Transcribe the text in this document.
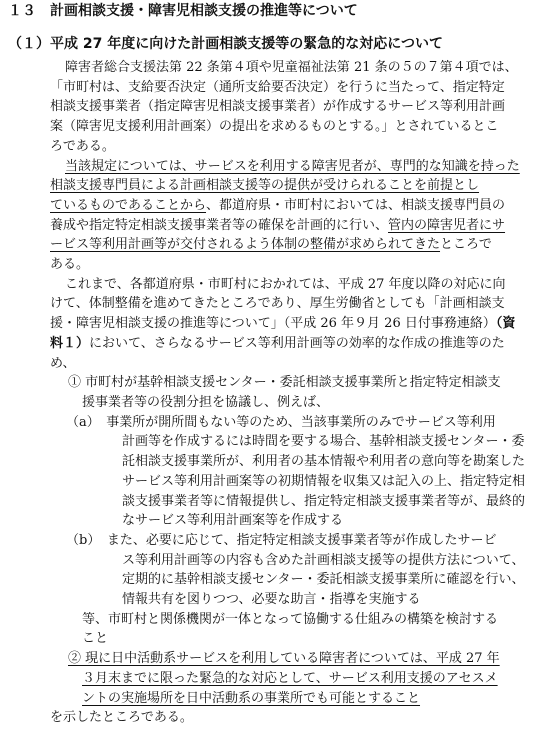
１３　計画相談支援・障害児相談支援の推進等について
（１）平成 27 年度に向けた計画相談支援等の緊急的な対応について
障害者総合支援法第 22 条第４項や児童福祉法第 21 条の５の７第４項では、
「市町村は、支給要否決定（通所支給要否決定）を行うに当たって、指定特定
相談支援事業者（指定障害児相談支援事業者）が作成するサービス等利用計画
案（障害児支援利用計画案）の提出を求めるものとする。」とされているとこ
ろである。
当該規定については、サービスを利用する障害児者が、専門的な知識を持った
相談支援専門員による計画相談支援等の提供が受けられることを前提とし
ているものであることから、都道府県・市町村においては、相談支援専門員の
養成や指定特定相談支援事業者等の確保を計画的に行い、管内の障害児者にサ
ービス等利用計画等が交付されるよう体制の整備が求められてきたところで
ある。
これまで、各都道府県・市町村におかれては、平成 27 年度以降の対応に向
けて、体制整備を進めてきたところであり、厚生労働省としても「計画相談支
援・障害児相談支援の推進等について」（平成 26 年９月 26 日付事務連絡）（資
料１）において、さらなるサービス等利用計画等の効率的な作成の推進等のた
め、
① 市町村が基幹相談支援センター・委託相談支援事業所と指定特定相談支
援事業者等の役割分担を協議し、例えば、
（a）　事業所が開所間もない等のため、当該事業所のみでサービス等利用
計画等を作成するには時間を要する場合、基幹相談支援センター・委
託相談支援事業所が、利用者の基本情報や利用者の意向等を勘案した
サービス等利用計画案等の初期情報を収集又は記入の上、指定特定相
談支援事業者等に情報提供し、指定特定相談支援事業者等が、最終的
なサービス等利用計画案等を作成する
（b）　また、必要に応じて、指定特定相談支援事業者等が作成したサービ
ス等利用計画等の内容も含めた計画相談支援等の提供方法について、
定期的に基幹相談支援センター・委託相談支援事業所に確認を行い、
情報共有を図りつつ、必要な助言・指導を実施する
等、市町村と関係機関が一体となって協働する仕組みの構築を検討する
こと
② 現に日中活動系サービスを利用している障害者については、平成 27 年
３月末までに限った緊急的な対応として、サービス利用支援のアセスメ
ントの実施場所を日中活動系の事業所でも可能とすること
を示したところである。
